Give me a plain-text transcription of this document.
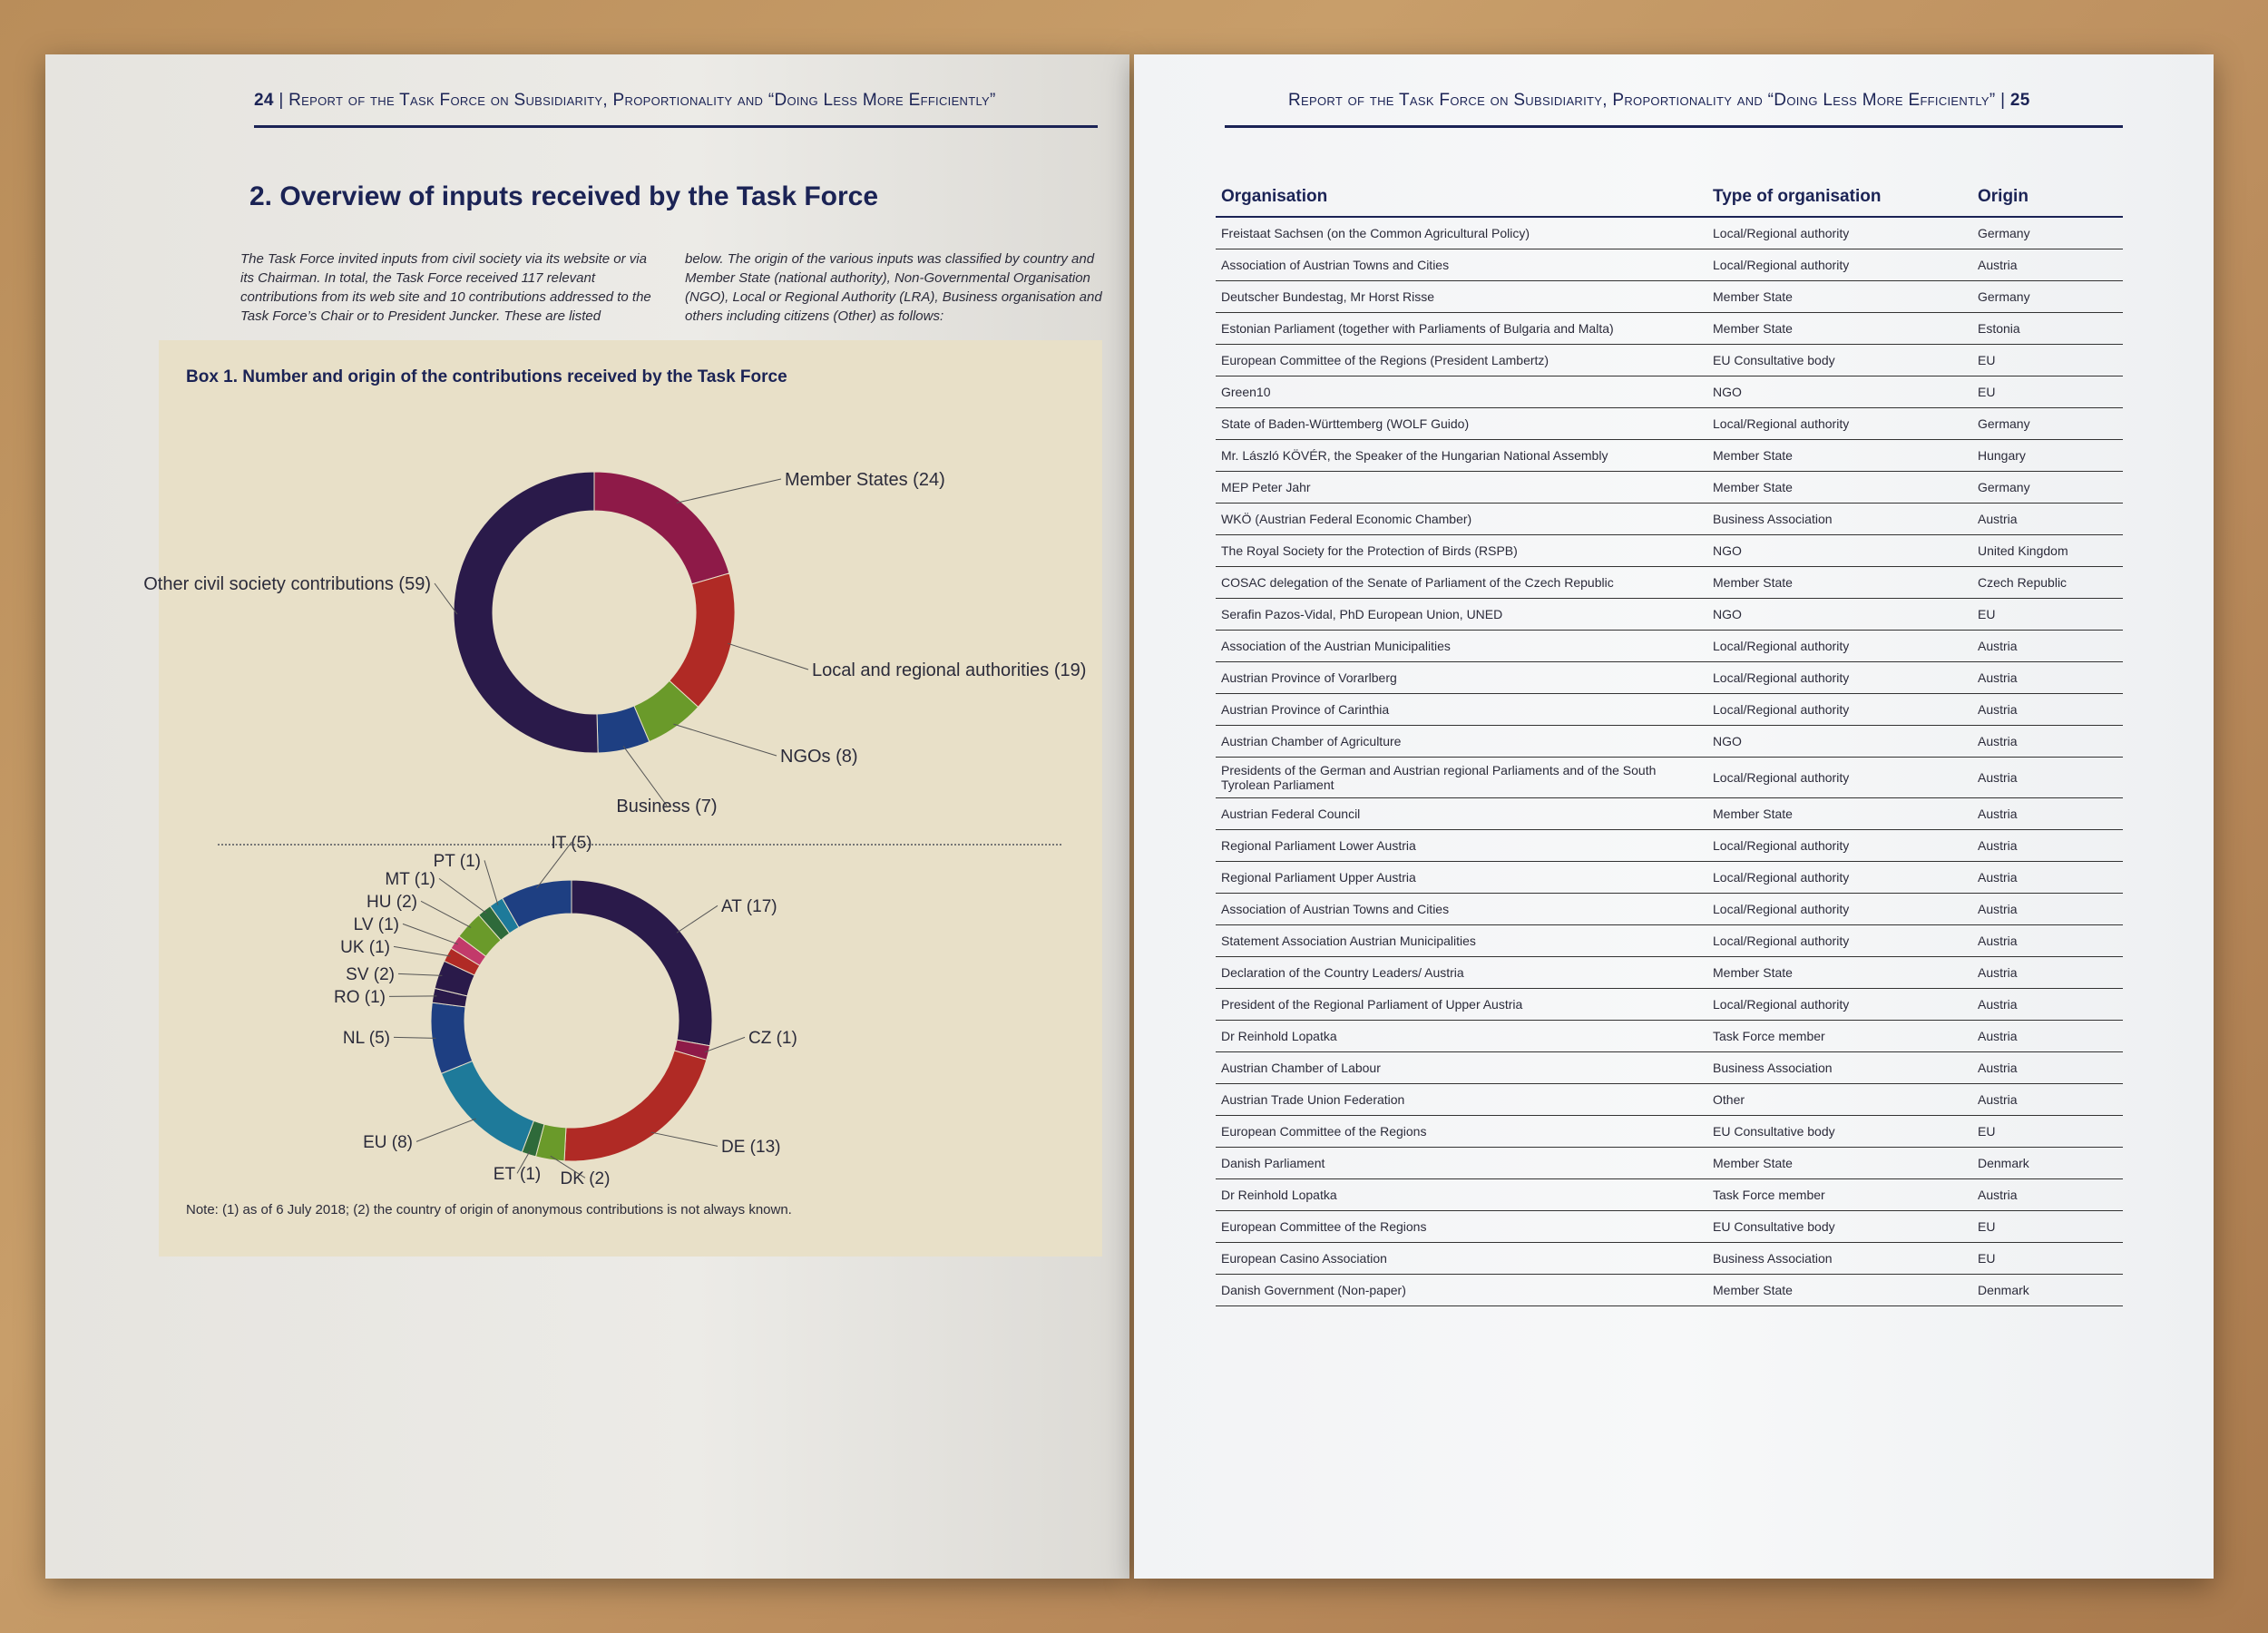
24 | Report of the Task Force on Subsidiarity, Proportionality and “Doing Less More Efficiently”
2. Overview of inputs received by the Task Force
The Task Force invited inputs from civil society via its website or via its Chairman. In total, the Task Force received 117 relevant contributions from its web site and 10 contributions addressed to the Task Force’s Chair or to President Juncker. These are listed
below. The origin of the various inputs was classified by country and Member State (national authority), Non-Governmental Organisation (NGO), Local or Regional Authority (LRA), Business organisation and others including citizens (Other) as follows:
Box 1. Number and origin of the contributions received by the Task Force
Member States (24)
Local and regional authorities (19)
NGOs (8)
Business (7)
Other civil society contributions (59)
AT (17)
CZ (1)
DE (13)
DK (2)
ET (1)
EU (8)
NL (5)
RO (1)
SV (2)
UK (1)
LV (1)
HU (2)
MT (1)
PT (1)
IT (5)
Note: (1) as of 6 July 2018; (2) the country of origin of anonymous contributions is not always known.
Report of the Task Force on Subsidiarity, Proportionality and “Doing Less More Efficiently” | 25
Organisation	Type of organisation	Origin
Freistaat Sachsen (on the Common Agricultural Policy)	Local/Regional authority	Germany
Association of Austrian Towns and Cities	Local/Regional authority	Austria
Deutscher Bundestag, Mr Horst Risse	Member State	Germany
Estonian Parliament (together with Parliaments of Bulgaria and Malta)	Member State	Estonia
European Committee of the Regions (President Lambertz)	EU Consultative body	EU
Green10	NGO	EU
State of Baden-Württemberg (WOLF Guido)	Local/Regional authority	Germany
Mr. László KÖVÉR, the Speaker of the Hungarian National Assembly	Member State	Hungary
MEP Peter Jahr	Member State	Germany
WKÖ (Austrian Federal Economic Chamber)	Business Association	Austria
The Royal Society for the Protection of Birds (RSPB)	NGO	United Kingdom
COSAC delegation of the Senate of Parliament of the Czech Republic	Member State	Czech Republic
Serafin Pazos-Vidal, PhD European Union, UNED	NGO	EU
Association of the Austrian Municipalities	Local/Regional authority	Austria
Austrian Province of Vorarlberg	Local/Regional authority	Austria
Austrian Province of Carinthia	Local/Regional authority	Austria
Austrian Chamber of Agriculture	NGO	Austria
Presidents of the German and Austrian regional Parliaments and of the South Tyrolean Parliament	Local/Regional authority	Austria
Austrian Federal Council	Member State	Austria
Regional Parliament Lower Austria	Local/Regional authority	Austria
Regional Parliament Upper Austria	Local/Regional authority	Austria
Association of Austrian Towns and Cities	Local/Regional authority	Austria
Statement Association Austrian Municipalities	Local/Regional authority	Austria
Declaration of the Country Leaders/ Austria	Member State	Austria
President of the Regional Parliament of Upper Austria	Local/Regional authority	Austria
Dr Reinhold Lopatka	Task Force member	Austria
Austrian Chamber of Labour	Business Association	Austria
Austrian Trade Union Federation	Other	Austria
European Committee of the Regions	EU Consultative body	EU
Danish Parliament	Member State	Denmark
Dr Reinhold Lopatka	Task Force member	Austria
European Committee of the Regions	EU Consultative body	EU
European Casino Association	Business Association	EU
Danish Government (Non-paper)	Member State	Denmark
